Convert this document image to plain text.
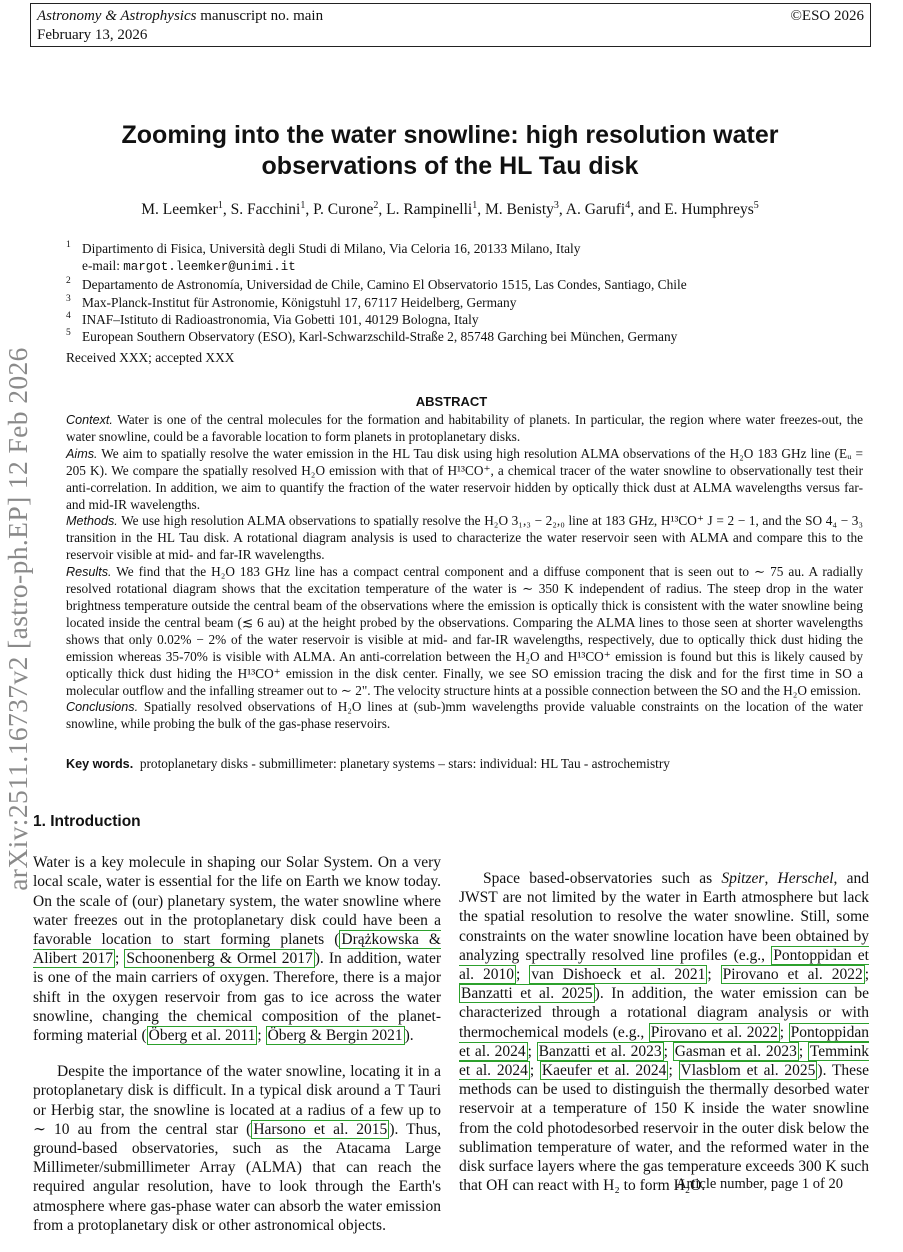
Astronomy & Astrophysics manuscript no. main
February 13, 2026
©ESO 2026
arXiv:2511.16737v2 [astro-ph.EP] 12 Feb 2026
Zooming into the water snowline: high resolution water
observations of the HL Tau disk
M. Leemker$^1$, S. Facchini$^1$, P. Curone$^2$, L. Rampinelli$^1$, M. Benisty$^3$, A. Garufi$^4$, and E. Humphreys$^5$
1 Dipartimento di Fisica, Università degli Studi di Milano, Via Celoria 16, 20133 Milano, Italy
e-mail: margot.leemker@unimi.it
2 Departamento de Astronomía, Universidad de Chile, Camino El Observatorio 1515, Las Condes, Santiago, Chile
3 Max-Planck-Institut für Astronomie, Königstuhl 17, 67117 Heidelberg, Germany
4 INAF–Istituto di Radioastronomia, Via Gobetti 101, 40129 Bologna, Italy
5 European Southern Observatory (ESO), Karl-Schwarzschild-Straße 2, 85748 Garching bei München, Germany
Received XXX; accepted XXX
ABSTRACT

Context. Water is one of the central molecules for the formation and habitability of planets. In particular, the region where water freezes-out, the water snowline, could be a favorable location to form planets in protoplanetary disks.

Aims. We aim to spatially resolve the water emission in the HL Tau disk using high resolution ALMA observations of the H₂O 183 GHz line (Eᵤ = 205 K). We compare the spatially resolved H₂O emission with that of H¹³CO⁺, a chemical tracer of the water snowline to observationally test their anti-correlation. In addition, we aim to quantify the fraction of the water reservoir hidden by optically thick dust at ALMA wavelengths versus far- and mid-IR wavelengths.

Methods. We use high resolution ALMA observations to spatially resolve the H₂O 3₁,₃ − 2₂,₀ line at 183 GHz, H¹³CO⁺ J = 2 − 1, and the SO 4₄ − 3₃ transition in the HL Tau disk. A rotational diagram analysis is used to characterize the water reservoir seen with ALMA and compare this to the reservoir visible at mid- and far-IR wavelengths.

Results. We find that the H₂O 183 GHz line has a compact central component and a diffuse component that is seen out to ∼ 75 au. A radially resolved rotational diagram shows that the excitation temperature of the water is ∼ 350 K independent of radius. The steep drop in the water brightness temperature outside the central beam of the observations where the emission is optically thick is consistent with the water snowline being located inside the central beam (≲ 6 au) at the height probed by the observations. Comparing the ALMA lines to those seen at shorter wavelengths shows that only 0.02% − 2% of the water reservoir is visible at mid- and far-IR wavelengths, respectively, due to optically thick dust hiding the emission whereas 35-70% is visible with ALMA. An anti-correlation between the H₂O and H¹³CO⁺ emission is found but this is likely caused by optically thick dust hiding the H¹³CO⁺ emission in the disk center. Finally, we see SO emission tracing the disk and for the first time in SO a molecular outflow and the infalling streamer out to ∼ 2". The velocity structure hints at a possible connection between the SO and the H₂O emission.

Conclusions. Spatially resolved observations of H₂O lines at (sub-)mm wavelengths provide valuable constraints on the location of the water snowline, while probing the bulk of the gas-phase reservoirs.

Key words. protoplanetary disks - submillimeter: planetary systems – stars: individual: HL Tau - astrochemistry
1. Introduction
Water is a key molecule in shaping our Solar System. On a very local scale, water is essential for the life on Earth we know today. On the scale of (our) planetary system, the water snowline where water freezes out in the protoplanetary disk could have been a favorable location to start forming planets ( Drążkowska & Alibert 2017 ; Schoonenberg & Ormel 2017 ). In addition, water is one of the main carriers of oxygen. Therefore, there is a major shift in the oxygen reservoir from gas to ice across the water snowline, changing the chemical composition of the planet-forming material ( Öberg et al. 2011 ; Öberg & Bergin 2021 ).
Despite the importance of the water snowline, locating it in a protoplanetary disk is difficult. In a typical disk around a T Tauri or Herbig star, the snowline is located at a radius of a few up to ∼ 10 au from the central star ( Harsono et al. 2015 ). Thus, ground-based observatories, such as the Atacama Large Millimeter/submillimeter Array (ALMA) that can reach the required angular resolution, have to look through the Earth's atmosphere where gas-phase water can absorb the water emission from a protoplanetary disk or other astronomical objects.
Space based-observatories such as Spitzer, Herschel, and JWST are not limited by the water in Earth atmosphere but lack the spatial resolution to resolve the water snowline. Still, some constraints on the water snowline location have been obtained by analyzing spectrally resolved line profiles (e.g., Pontoppidan et al. 2010 ; van Dishoeck et al. 2021 ; Pirovano et al. 2022 ; Banzatti et al. 2025 ). In addition, the water emission can be characterized through a rotational diagram analysis or with thermochemical models (e.g., Pirovano et al. 2022 ; Pontoppidan et al. 2024 ; Banzatti et al. 2023 ; Gasman et al. 2023 ; Temmink et al. 2024 ; Kaeufer et al. 2024 ; Vlasblom et al. 2025 ). These methods can be used to distinguish the thermally desorbed water reservoir at a temperature of 150 K inside the water snowline from the cold photodesorbed reservoir in the outer disk below the sublimation temperature of water, and the reformed water in the disk surface layers where the gas temperature exceeds 300 K such that OH can react with H₂ to form H₂O.
Article number, page 1 of 20
